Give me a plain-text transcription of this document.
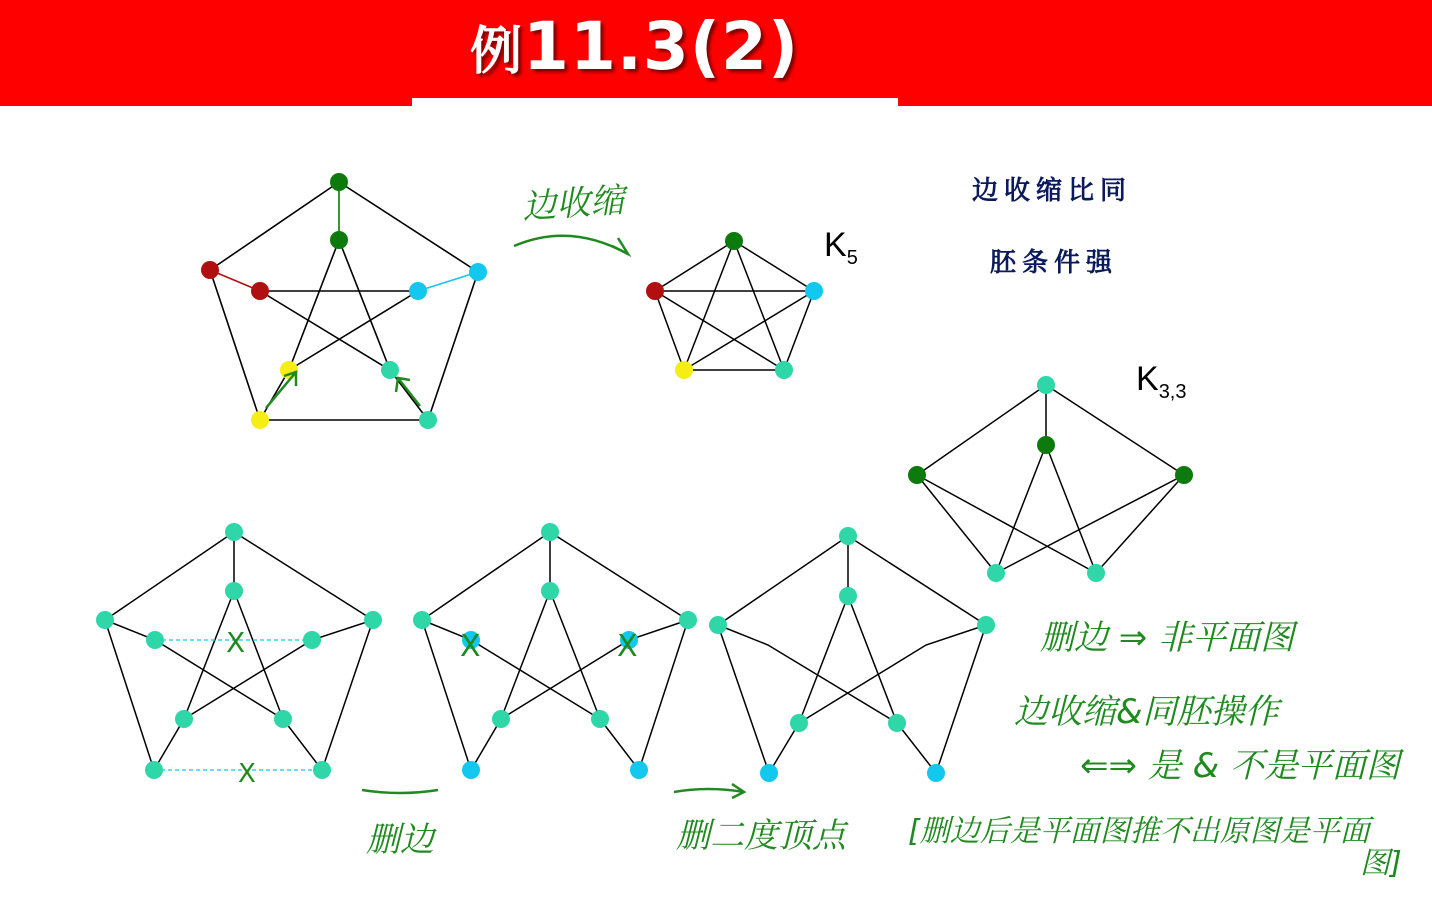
例11.3(2)
边收缩比同
胚条件强
$K_5$
$K_{3,3}$
边收缩
删边	删二度顶点
删边 ⇒ 非平面图
边收缩&同胚操作
⇐⇒ 是 & 不是平面图
[删边后是平面图推不出原图是平面
图]
X
X
X	X
